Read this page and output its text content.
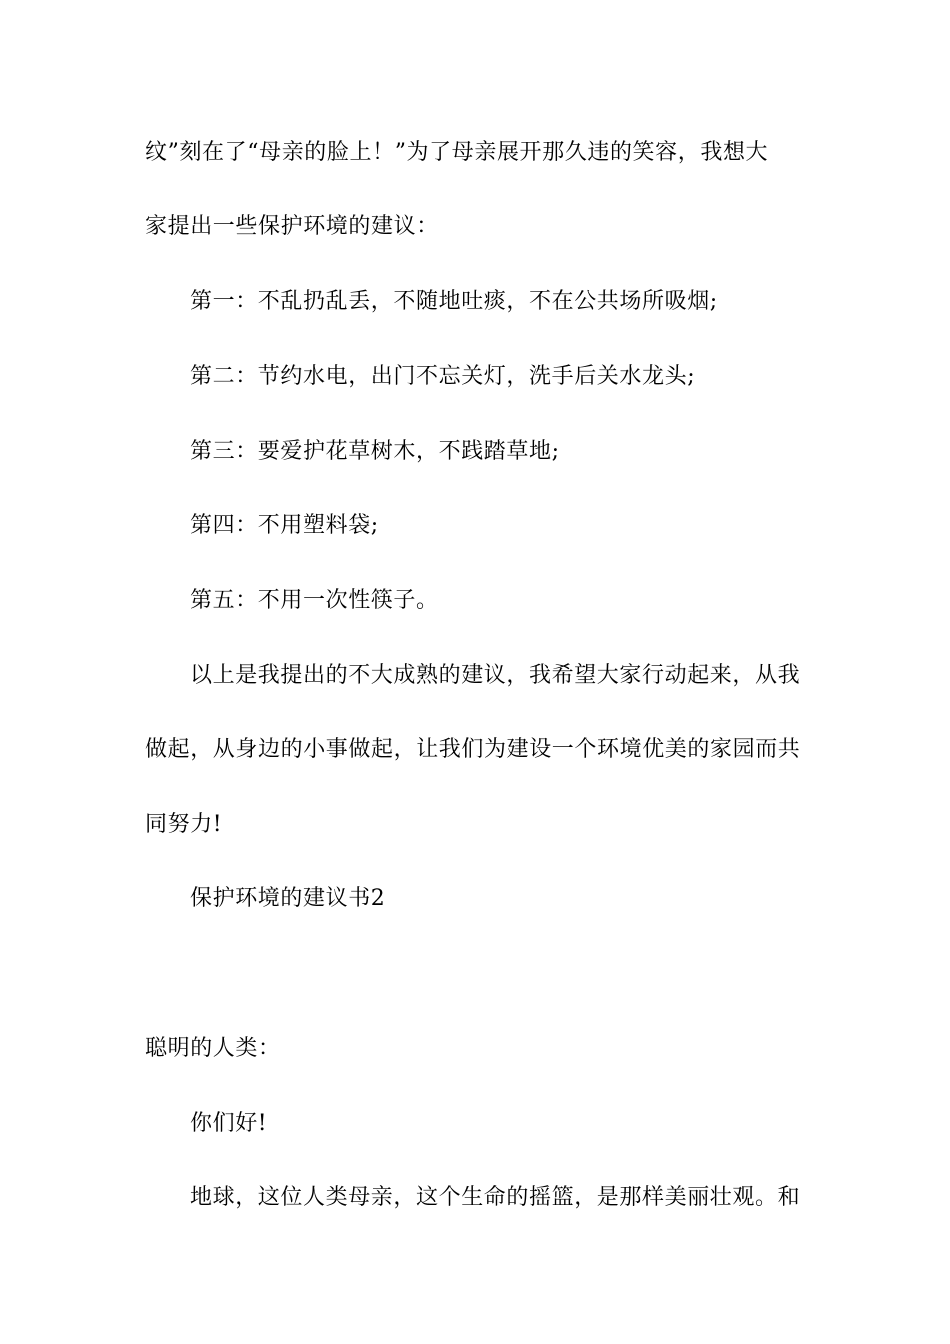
纹”刻在了“母亲的脸上！”为了母亲展开那久违的笑容，我想大
家提出一些保护环境的建议：
第一：不乱扔乱丢，不随地吐痰，不在公共场所吸烟;
第二：节约水电，出门不忘关灯，洗手后关水龙头;
第三：要爱护花草树木，不践踏草地;
第四：不用塑料袋;
第五：不用一次性筷子。
以上是我提出的不大成熟的建议，我希望大家行动起来，从我
做起，从身边的小事做起，让我们为建设一个环境优美的家园而共
同努力!
保护环境的建议书2
聪明的人类：
你们好!
地球，这位人类母亲，这个生命的摇篮，是那样美丽壮观。和
